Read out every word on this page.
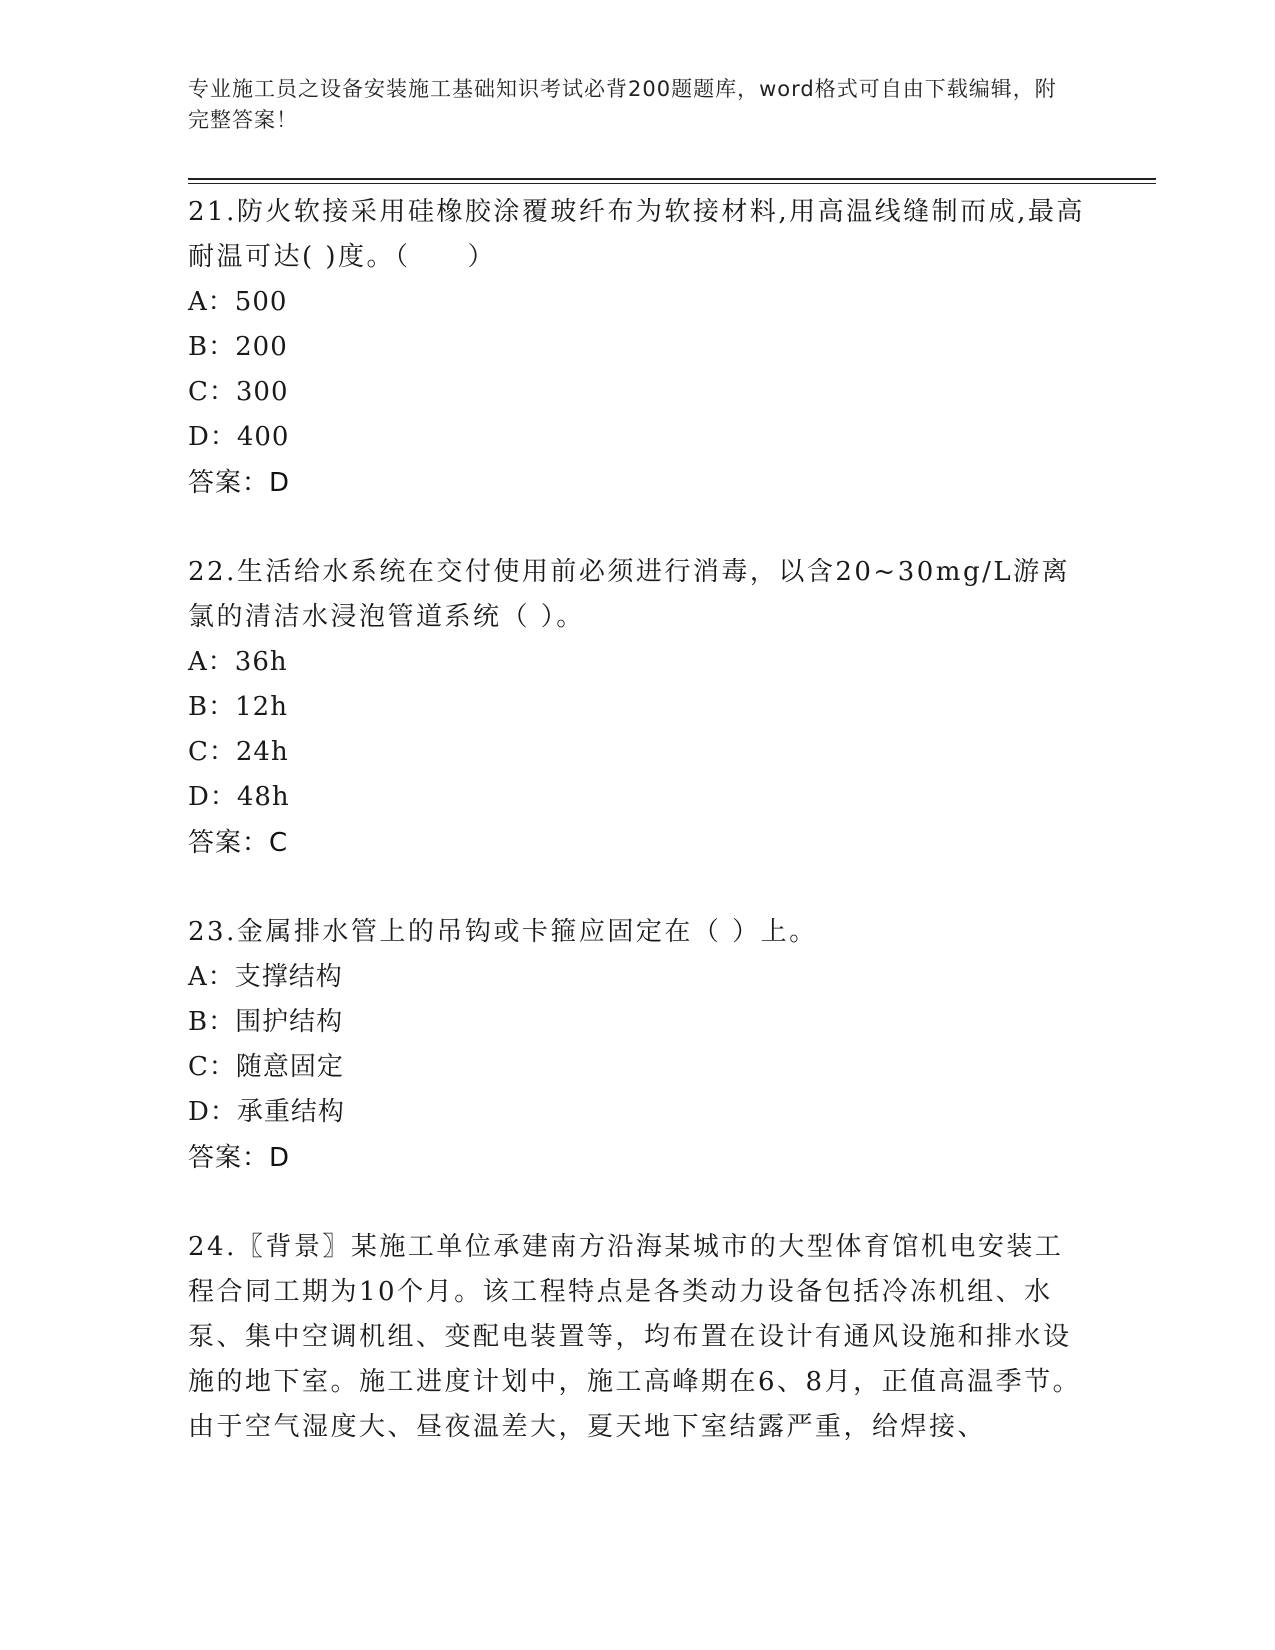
专业施工员之设备安装施工基础知识考试必背200题题库，word格式可自由下载编辑，附完整答案！

21.防火软接采用硅橡胶涂覆玻纤布为软接材料,用高温线缝制而成,最高耐温可达( )度。（　　）

A：500

B：200

C：300

D：400

答案：D

22.生活给水系统在交付使用前必须进行消毒，以含20~30mg/L游离氯的清洁水浸泡管道系统（ ）。

A：36h

B：12h

C：24h

D：48h

答案：C

23.金属排水管上的吊钩或卡箍应固定在（ ）上。

A：支撑结构

B：围护结构

C：随意固定

D：承重结构

答案：D

24.〖背景〗某施工单位承建南方沿海某城市的大型体育馆机电安装工程合同工期为10个月。该工程特点是各类动力设备包括冷冻机组、水泵、集中空调机组、变配电装置等，均布置在设计有通风设施和排水设施的地下室。施工进度计划中，施工高峰期在6、8月，正值高温季节。由于空气湿度大、昼夜温差大，夏天地下室结露严重，给焊接、
